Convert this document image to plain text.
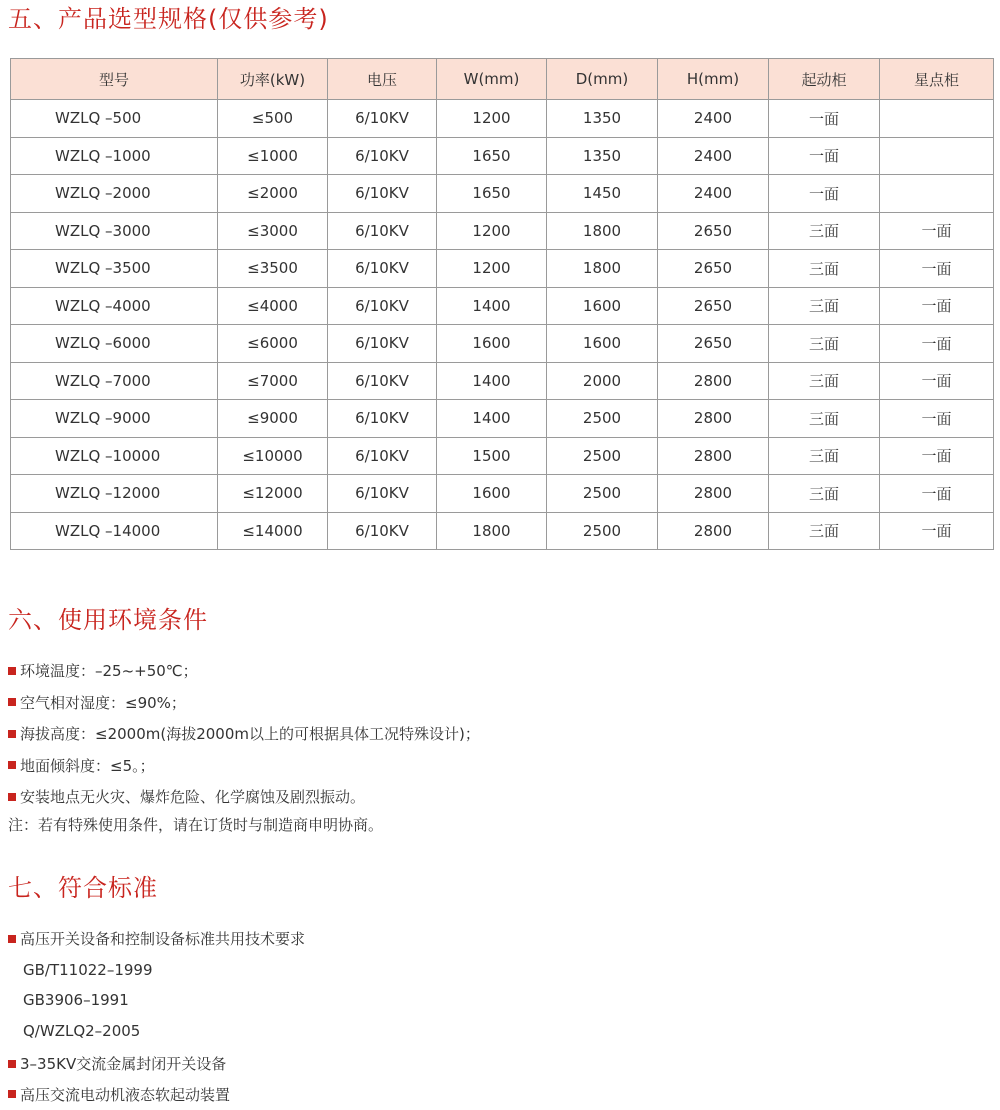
五、产品选型规格(仅供参考)
型号	功率(kW)	电压	W(mm)	D(mm)	H(mm)	起动柜	星点柜
WZLQ –500	≤500	6/10KV	1200	1350	2400	一面	
WZLQ –1000	≤1000	6/10KV	1650	1350	2400	一面	
WZLQ –2000	≤2000	6/10KV	1650	1450	2400	一面	
WZLQ –3000	≤3000	6/10KV	1200	1800	2650	三面	一面
WZLQ –3500	≤3500	6/10KV	1200	1800	2650	三面	一面
WZLQ –4000	≤4000	6/10KV	1400	1600	2650	三面	一面
WZLQ –6000	≤6000	6/10KV	1600	1600	2650	三面	一面
WZLQ –7000	≤7000	6/10KV	1400	2000	2800	三面	一面
WZLQ –9000	≤9000	6/10KV	1400	2500	2800	三面	一面
WZLQ –10000	≤10000	6/10KV	1500	2500	2800	三面	一面
WZLQ –12000	≤12000	6/10KV	1600	2500	2800	三面	一面
WZLQ –14000	≤14000	6/10KV	1800	2500	2800	三面	一面
六、使用环境条件
环境温度：–25~+50℃；
空气相对湿度：≤90%；
海拔高度：≤2000m(海拔2000m以上的可根据具体工况特殊设计)；
地面倾斜度：≤5。；
安装地点无火灾、爆炸危险、化学腐蚀及剧烈振动。
注：若有特殊使用条件，请在订货时与制造商申明协商。
七、符合标准
高压开关设备和控制设备标准共用技术要求
GB/T11022–1999
GB3906–1991
Q/WZLQ2–2005
3–35KV交流金属封闭开关设备
高压交流电动机液态软起动装置
